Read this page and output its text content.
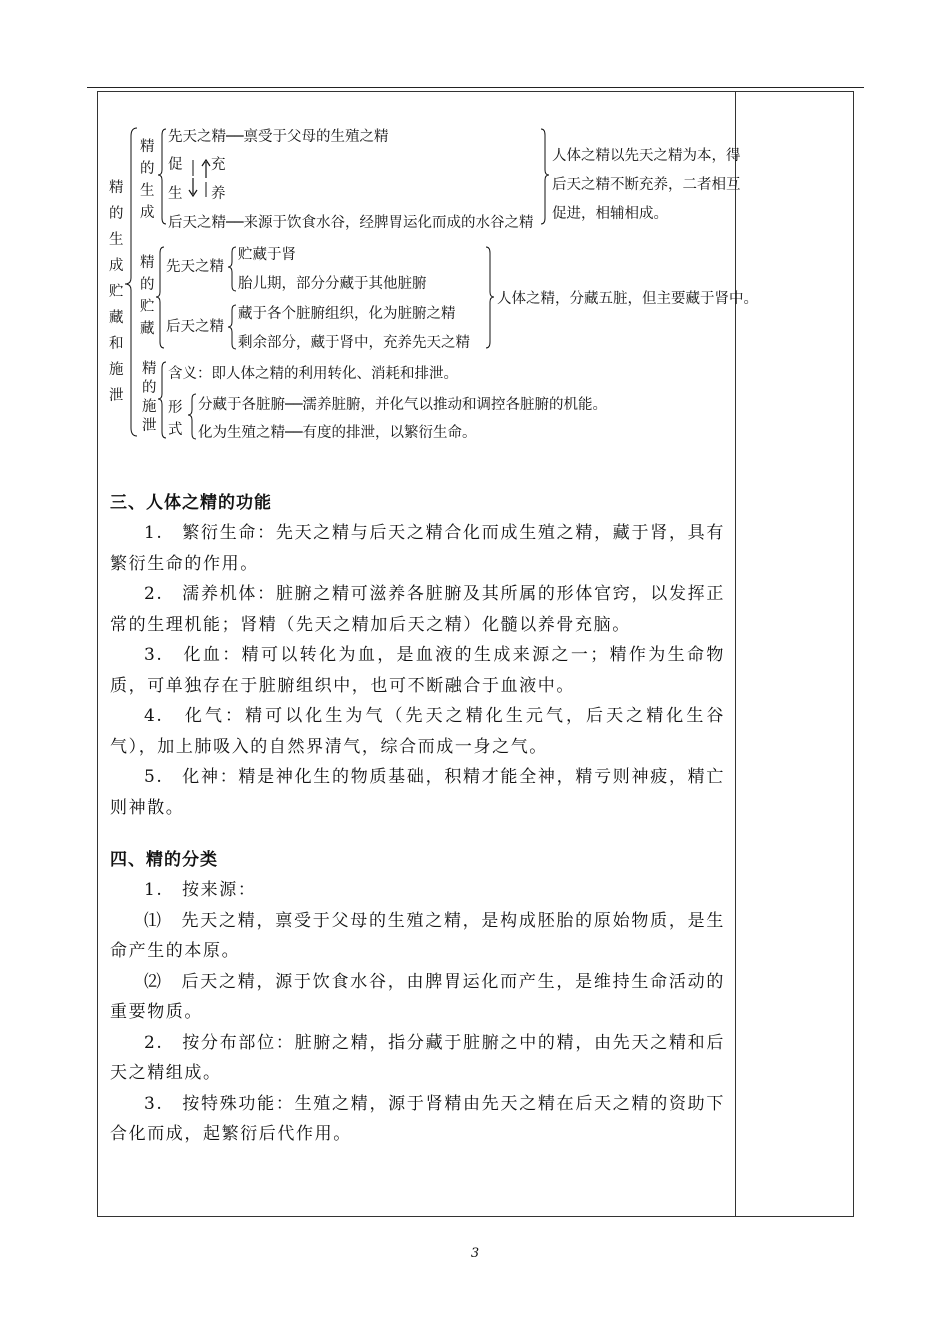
精的生成贮藏和施泄
精的生成
先天之精──禀受于父母的生殖之精
促
生
充
养
后天之精──来源于饮食水谷，经脾胃运化而成的水谷之精
人体之精以先天之精为本，得
后天之精不断充养，二者相互
促进，相辅相成。
精的贮藏
先天之精
贮藏于肾
胎儿期，部分分藏于其他脏腑
后天之精
藏于各个脏腑组织，化为脏腑之精
剩余部分，藏于肾中，充养先天之精
人体之精，分藏五脏，但主要藏于肾中。
精的施泄
含义：即人体之精的利用转化、消耗和排泄。
形式
分藏于各脏腑──濡养脏腑，并化气以推动和调控各脏腑的机能。
化为生殖之精──有度的排泄，以繁衍生命。
三、人体之精的功能

1.　繁衍生命：先天之精与后天之精合化而成生殖之精，藏于肾，具有繁衍生命的作用。

2.　濡养机体：脏腑之精可滋养各脏腑及其所属的形体官窍，以发挥正常的生理机能；肾精（先天之精加后天之精）化髓以养骨充脑。

3.　化血：精可以转化为血，是血液的生成来源之一；精作为生命物质，可单独存在于脏腑组织中，也可不断融合于血液中。

4.　化气：精可以化生为气（先天之精化生元气，后天之精化生谷气），加上肺吸入的自然界清气，综合而成一身之气。

5.　化神：精是神化生的物质基础，积精才能全神，精亏则神疲，精亡则神散。

四、精的分类

1.　按来源：

⑴　先天之精，禀受于父母的生殖之精，是构成胚胎的原始物质，是生命产生的本原。

⑵　后天之精，源于饮食水谷，由脾胃运化而产生，是维持生命活动的重要物质。

2.　按分布部位：脏腑之精，指分藏于脏腑之中的精，由先天之精和后天之精组成。

3.　按特殊功能：生殖之精，源于肾精由先天之精在后天之精的资助下合化而成，起繁衍后代作用。

3
